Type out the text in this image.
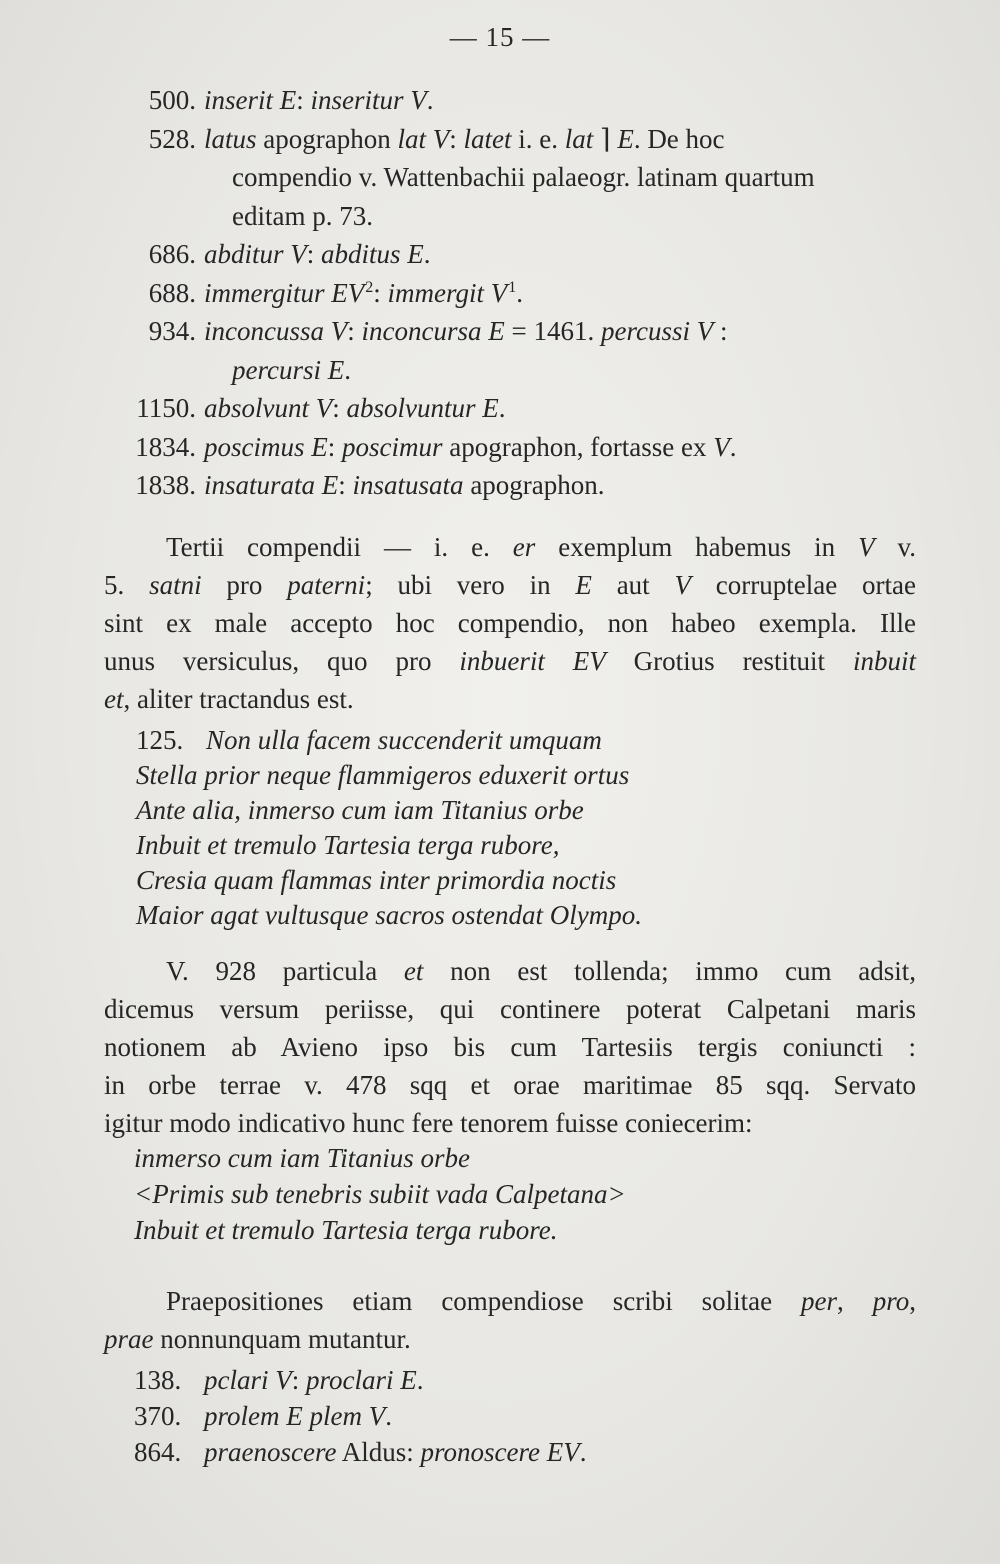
— 15 —
500. inserit E: inseritur V.
528. latus apographon lat V: latet i. e. lat ⌉ E. De hoc
compendio v. Wattenbachii palaeogr. latinam quartum
editam p. 73.
686. abditur V: abditus E.
688. immergitur $EV^2$: immergit $V^1$.
934. inconcussa V: inconcursa E = 1461. percussi V :
percursi E.
1150. absolvunt V: absolvuntur E.
1834. poscimus E: poscimur apographon, fortasse ex V.
1838. insaturata E: insatusata apographon.
Tertii compendii — i. e. er exemplum habemus in V v.
5. satni pro paterni; ubi vero in E aut V corruptelae ortae
sint ex male accepto hoc compendio, non habeo exempla. Ille
unus versiculus, quo pro inbuerit EV Grotius restituit inbuit
et, aliter tractandus est.
125. Non ulla facem succenderit umquam
Stella prior neque flammigeros eduxerit ortus
Ante alia, inmerso cum iam Titanius orbe
Inbuit et tremulo Tartesia terga rubore,
Cresia quam flammas inter primordia noctis
Maior agat vultusque sacros ostendat Olympo.
V. 928 particula et non est tollenda; immo cum adsit,
dicemus versum periisse, qui continere poterat Calpetani maris
notionem ab Avieno ipso bis cum Tartesiis tergis coniuncti :
in orbe terrae v. 478 sqq et orae maritimae 85 sqq. Servato
igitur modo indicativo hunc fere tenorem fuisse coniecerim:
inmerso cum iam Titanius orbe
<Primis sub tenebris subiit vada Calpetana>
Inbuit et tremulo Tartesia terga rubore.
Praepositiones etiam compendiose scribi solitae per, pro,
prae nonnunquam mutantur.
138. pclari V: proclari E.
370. prolem E plem V.
864. praenoscere Aldus: pronoscere EV.
